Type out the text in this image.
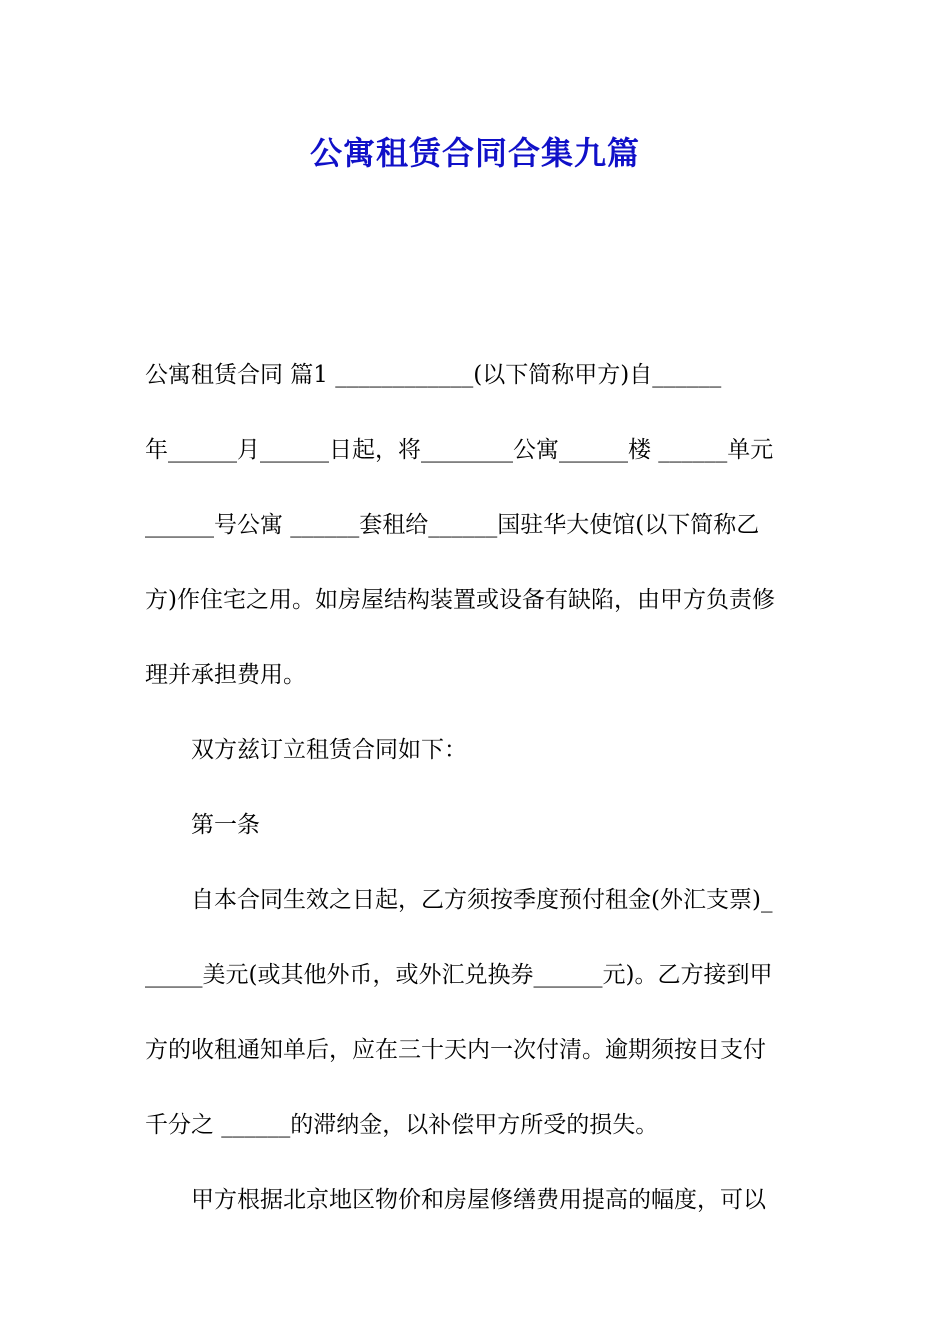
公寓租赁合同合集九篇
公寓租赁合同 篇1 ____________(以下简称甲方)自______
年______月______日起，将________公寓______楼 ______单元
______号公寓 ______套租给______国驻华大使馆(以下简称乙
方)作住宅之用。如房屋结构装置或设备有缺陷，由甲方负责修
理并承担费用。
双方兹订立租赁合同如下：
第一条
自本合同生效之日起，乙方须按季度预付租金(外汇支票)_
_____美元(或其他外币，或外汇兑换券______元)。乙方接到甲
方的收租通知单后，应在三十天内一次付清。逾期须按日支付
千分之 ______的滞纳金，以补偿甲方所受的损失。
甲方根据北京地区物价和房屋修缮费用提高的幅度，可以
